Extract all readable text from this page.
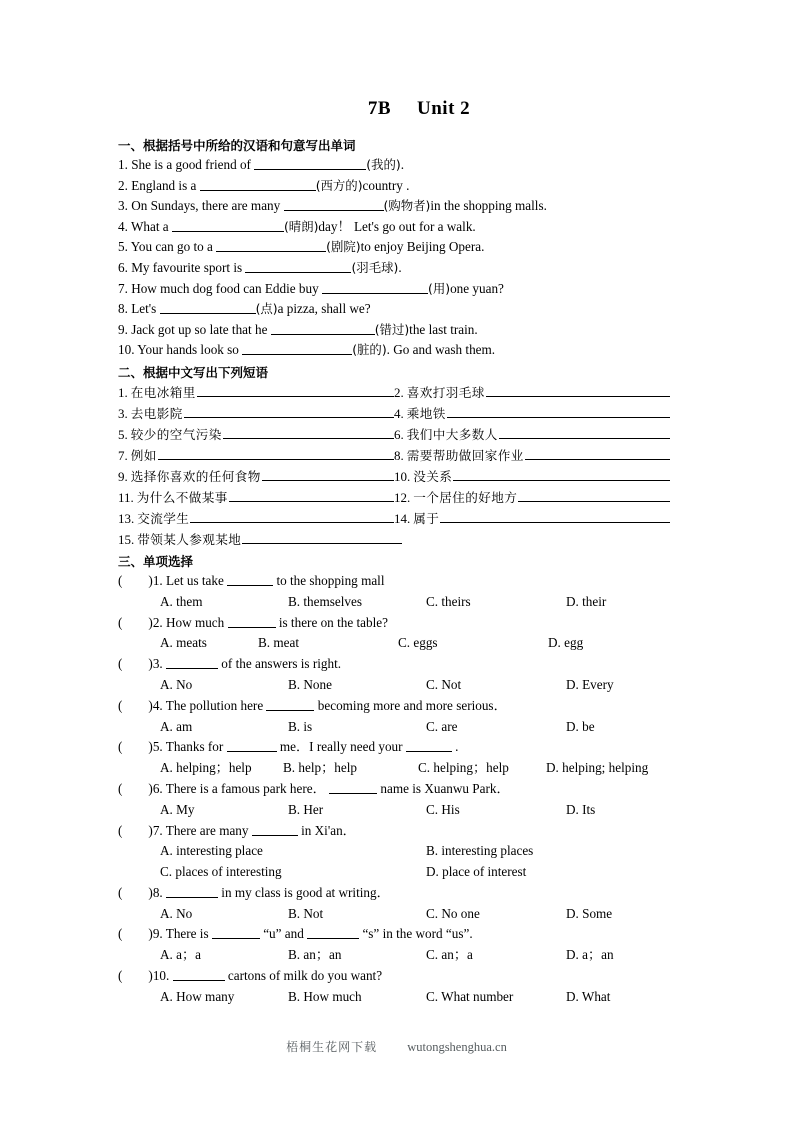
7B Unit 2
一、根据括号中所给的汉语和句意写出单词
1. She is a good friend of	(我的).
2. England is a	(西方的)country .
3. On Sundays, there are many	(购物者)in the shopping malls.
4. What a	(晴朗)day！ Let's go out for a walk.
5. You can go to a	(剧院)to enjoy Beijing Opera.
6. My favourite sport is	(羽毛球).
7. How much dog food can Eddie buy	(用)one yuan?
8. Let's	(点)a pizza, shall we?
9. Jack got up so late that he	(错过)the last train.
10. Your hands look so	(脏的). Go and wash them.
二、根据中文写出下列短语
1. 在电冰箱里	2. 喜欢打羽毛球
3. 去电影院	4. 乘地铁
5. 较少的空气污染	6. 我们中大多数人
7. 例如	8. 需要帮助做回家作业
9. 选择你喜欢的任何食物	10. 没关系
11. 为什么不做某事	12. 一个居住的好地方
13. 交流学生	14. 属于
15. 带领某人参观某地
三、单项选择
( )1. Let us take	to the shopping mall
A. them	B. themselves	C. theirs	D. their
( )2. How much	is there on the table?
A. meats	B. meat	C. eggs	D. egg
( )3.	of the answers is right.
A. No	B. None	C. Not	D. Every
( )4. The pollution here	becoming more and more serious．
A. am	B. is	C. are	D. be
( )5. Thanks for	me．I really need your	.
A. helping；help B. help；help	C. helping；help	D. helping; helping
( )6. There is a famous park here．	name is Xuanwu Park．
A. My	B. Her	C. His	D. Its
( )7. There are many	in Xi'an．
A. interesting place	B. interesting places
C. places of interesting	D. place of interest
( )8.	in my class is good at writing．
A. No	B. Not	C. No one	D. Some
( )9. There is	“u” and	“s” in the word “us”.
A. a；a	B. an；an	C. an；a	D. a；an
( )10.	cartons of milk do you want?
A. How many	B. How much	C. What number	D. What
梧桐生花网下载 wutongshenghua.cn
